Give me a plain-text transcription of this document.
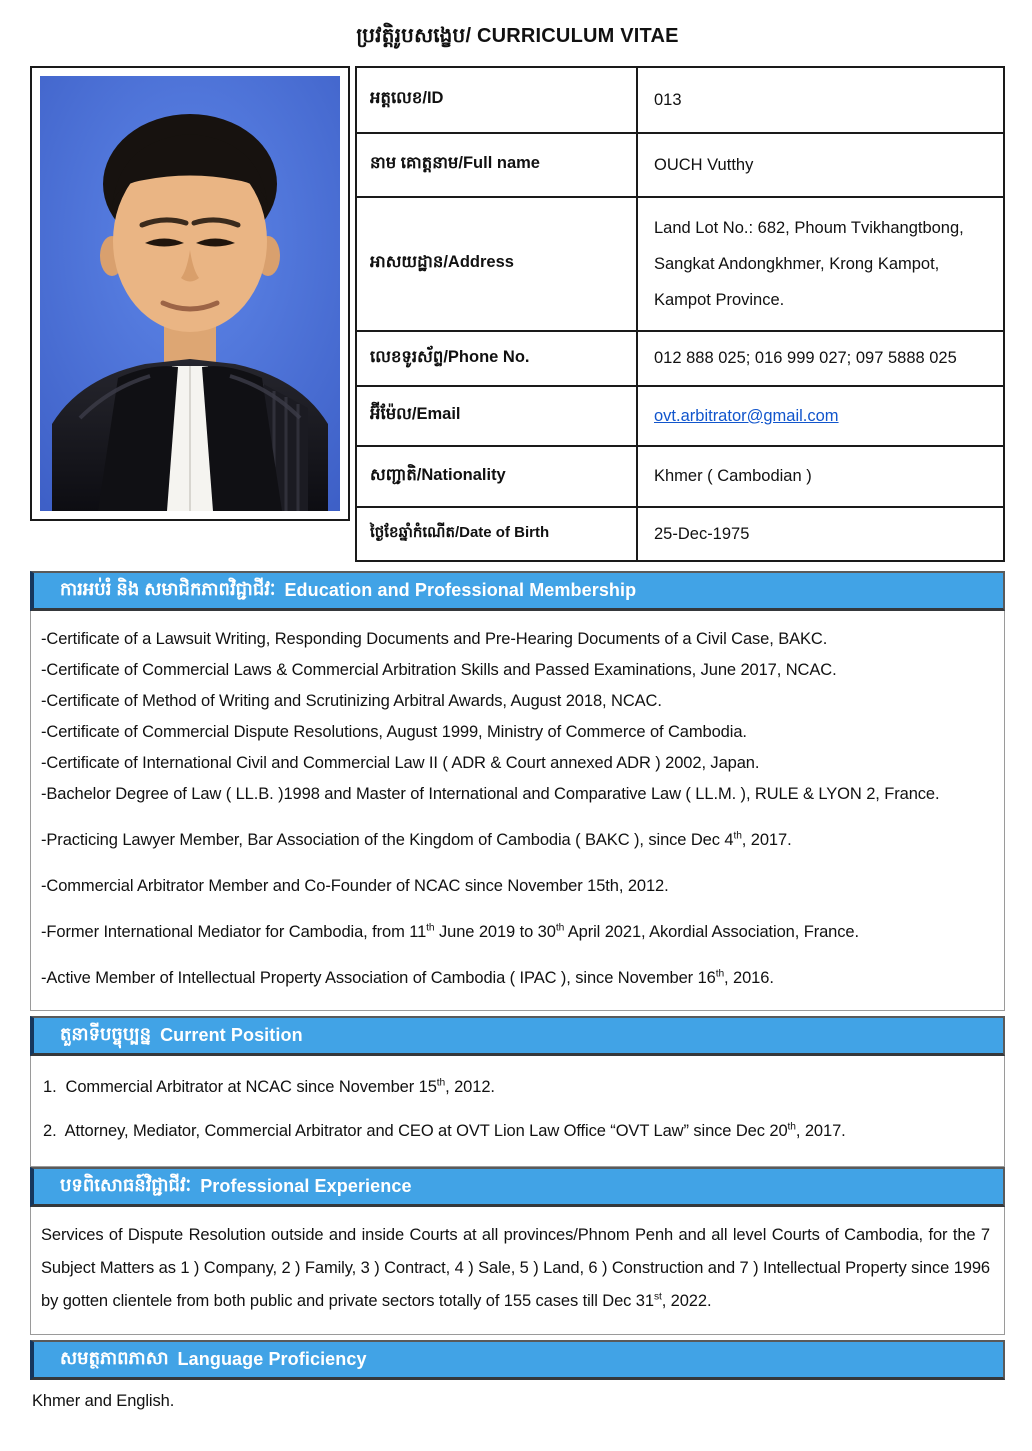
ប្រវត្តិរូបសង្ខេប/ CURRICULUM VITAE
អត្តលេខ/ID	013
នាម គោត្តនាម/Full name	OUCH Vutthy
អាសយដ្ឋាន/Address	Land Lot No.: 682, Phoum Tvikhangtbong, Sangkat Andongkhmer, Krong Kampot, Kampot Province.
លេខទូរស័ព្ទ/Phone No.	012 888 025; 016 999 027; 097 5888 025
អ៊ីម៉ែល/Email	ovt.arbitrator@gmail.com
សញ្ជាតិ/Nationality	Khmer ( Cambodian )
ថ្ងៃខែឆ្នាំកំណើត/Date of Birth	25-Dec-1975
ការអប់រំ និង សមាជិកភាពវិជ្ជាជីវៈ Education and Professional Membership
-Certificate of a Lawsuit Writing, Responding Documents and Pre-Hearing Documents of a Civil Case, BAKC.
-Certificate of Commercial Laws & Commercial Arbitration Skills and Passed Examinations, June 2017, NCAC.
-Certificate of Method of Writing and Scrutinizing Arbitral Awards, August 2018, NCAC.
-Certificate of Commercial Dispute Resolutions, August 1999, Ministry of Commerce of Cambodia.
-Certificate of International Civil and Commercial Law II ( ADR & Court annexed ADR ) 2002, Japan.
-Bachelor Degree of Law ( LL.B. )1998 and Master of International and Comparative Law ( LL.M. ), RULE & LYON 2, France.
-Practicing Lawyer Member, Bar Association of the Kingdom of Cambodia ( BAKC ), since Dec 4th, 2017.
-Commercial Arbitrator Member and Co-Founder of NCAC since November 15th, 2012.
-Former International Mediator for Cambodia, from 11th June 2019 to 30th April 2021, Akordial Association, France.
-Active Member of Intellectual Property Association of Cambodia ( IPAC ), since November 16th, 2016.
តួនាទីបច្ចុប្បន្ន Current Position
1.  Commercial Arbitrator at NCAC since November 15th, 2012.
2.  Attorney, Mediator, Commercial Arbitrator and CEO at OVT Lion Law Office “OVT Law” since Dec 20th, 2017.
បទពិសោធន៍វិជ្ជាជីវៈ Professional Experience
Services of Dispute Resolution outside and inside Courts at all provinces/Phnom Penh and all level Courts of Cambodia, for the 7 Subject Matters as 1 ) Company, 2 ) Family, 3 ) Contract, 4 ) Sale, 5 ) Land, 6 ) Construction and 7 ) Intellectual Property since 1996 by gotten clientele from both public and private sectors totally of 155 cases till Dec 31st, 2022.
សមត្ថភាពភាសា Language Proficiency
Khmer and English.
